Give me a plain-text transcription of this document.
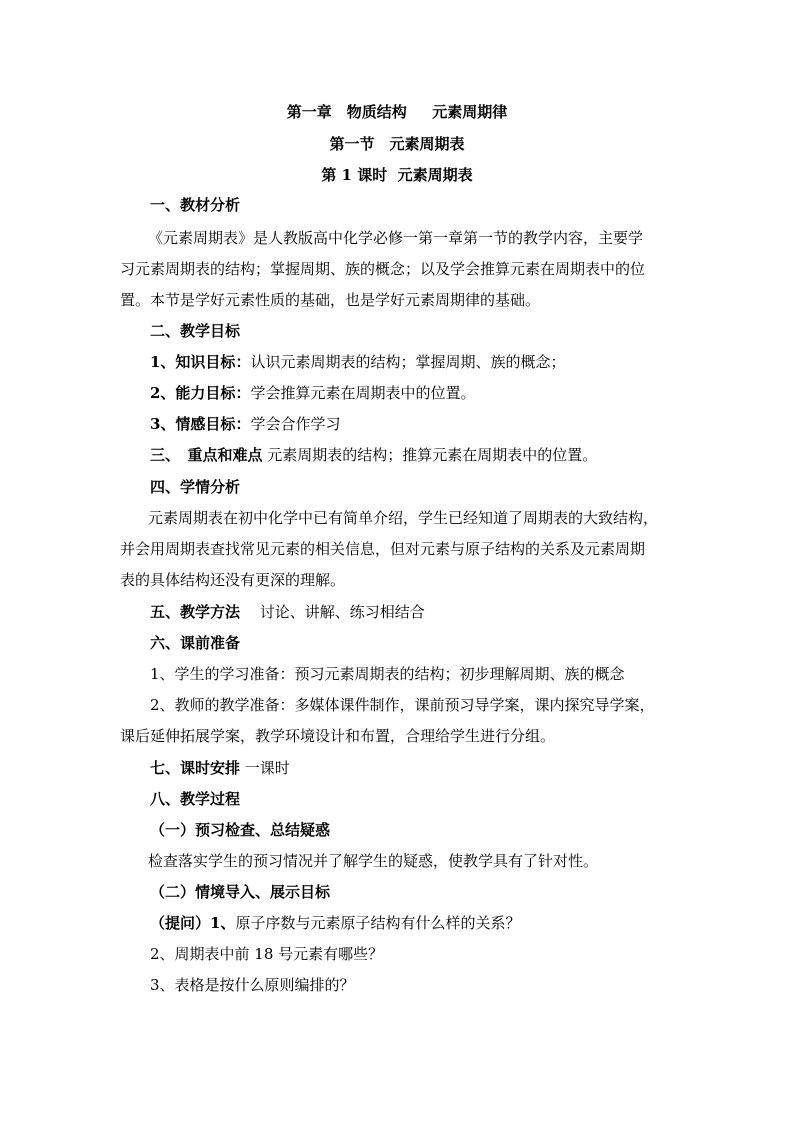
第一章　物质结构　  元素周期律
第一节　元素周期表
第 1 课时  元素周期表
一、教材分析
《元素周期表》是人教版高中化学必修一第一章第一节的教学内容，主要学
习元素周期表的结构；掌握周期、族的概念；以及学会推算元素在周期表中的位
置。本节是学好元素性质的基础，也是学好元素周期律的基础。
二、教学目标
1、知识目标：认识元素周期表的结构；掌握周期、族的概念；
2、能力目标：学会推算元素在周期表中的位置。
3、情感目标：学会合作学习
三、　重点和难点 元素周期表的结构；推算元素在周期表中的位置。
四、学情分析
元素周期表在初中化学中已有简单介绍，学生已经知道了周期表的大致结构，
并会用周期表查找常见元素的相关信息，但对元素与原子结构的关系及元素周期
表的具体结构还没有更深的理解。
五、教学方法　 讨论、讲解、练习相结合
六、课前准备
1、学生的学习准备：预习元素周期表的结构；初步理解周期、族的概念
2、教师的教学准备：多媒体课件制作，课前预习导学案，课内探究导学案，
课后延伸拓展学案，教学环境设计和布置，合理给学生进行分组。
七、课时安排 一课时
八、教学过程
（一）预习检查、总结疑惑
检查落实学生的预习情况并了解学生的疑惑，使教学具有了针对性。
（二）情境导入、展示目标
（提问）1、原子序数与元素原子结构有什么样的关系？
2、周期表中前 18 号元素有哪些？
3、表格是按什么原则编排的？
